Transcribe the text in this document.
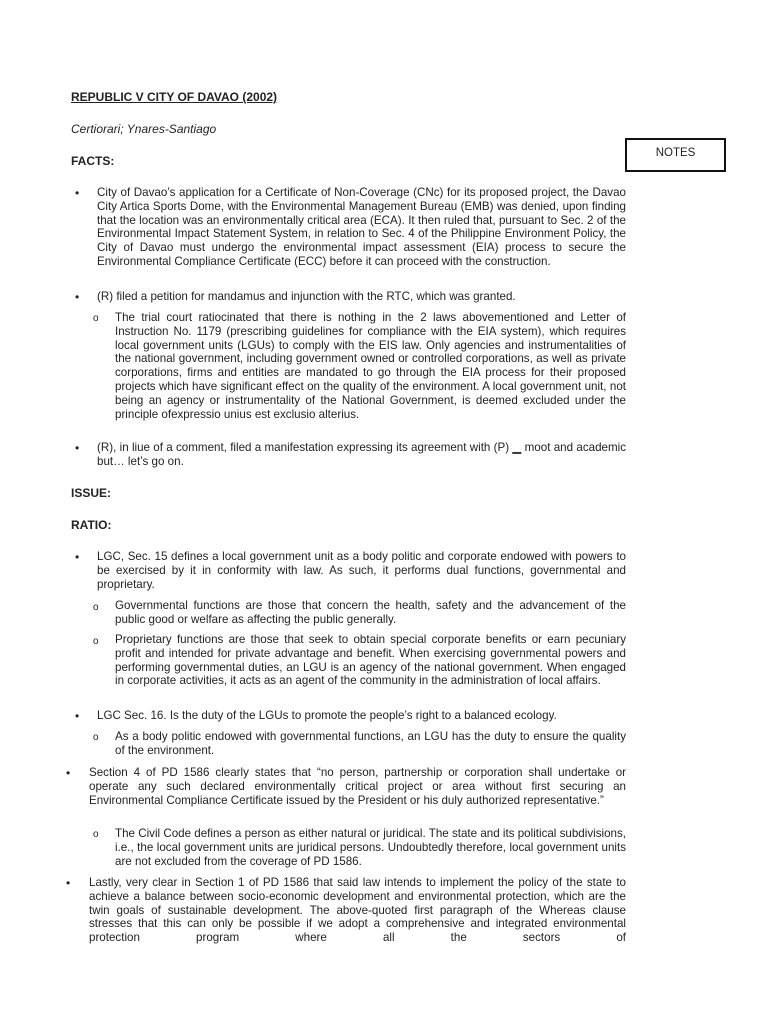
REPUBLIC V CITY OF DAVAO (2002)
Certiorari; Ynares-Santiago
NOTES
FACTS:
• City of Davao’s application for a Certificate of Non-Coverage (CNc) for its proposed project, the Davao City Artica Sports Dome, with the Environmental Management Bureau (EMB) was denied, upon finding that the location was an environmentally critical area (ECA). It then ruled that, pursuant to Sec. 2 of the Environmental Impact Statement System, in relation to Sec. 4 of the Philippine Environment Policy, the City of Davao must undergo the environmental impact assessment (EIA) process to secure the Environmental Compliance Certificate (ECC) before it can proceed with the construction.
• (R) filed a petition for mandamus and injunction with the RTC, which was granted.
o The trial court ratiocinated that there is nothing in the 2 laws abovementioned and Letter of Instruction No. 1179 (prescribing guidelines for compliance with the EIA system), which requires local government units (LGUs) to comply with the EIS law. Only agencies and instrumentalities of the national government, including government owned or controlled corporations, as well as private corporations, firms and entities are mandated to go through the EIA process for their proposed projects which have significant effect on the quality of the environment. A local government unit, not being an agency or instrumentality of the National Government, is deemed excluded under the principle ofexpressio unius est exclusio alterius.
• (R), in liue of a comment, filed a manifestation expressing its agreement with (P) ▁ moot and academic but… let’s go on.
ISSUE:
RATIO:
• LGC, Sec. 15 defines a local government unit as a body politic and corporate endowed with powers to be exercised by it in conformity with law. As such, it performs dual functions, governmental and proprietary.
o Governmental functions are those that concern the health, safety and the advancement of the public good or welfare as affecting the public generally.
o Proprietary functions are those that seek to obtain special corporate benefits or earn pecuniary profit and intended for private advantage and benefit. When exercising governmental powers and performing governmental duties, an LGU is an agency of the national government. When engaged in corporate activities, it acts as an agent of the community in the administration of local affairs.
• LGC Sec. 16. Is the duty of the LGUs to promote the people’s right to a balanced ecology.
o As a body politic endowed with governmental functions, an LGU has the duty to ensure the quality of the environment.
• Section 4 of PD 1586 clearly states that “no person, partnership or corporation shall undertake or operate any such declared environmentally critical project or area without first securing an Environmental Compliance Certificate issued by the President or his duly authorized representative.”
o The Civil Code defines a person as either natural or juridical. The state and its political subdivisions, i.e., the local government units are juridical persons. Undoubtedly therefore, local government units are not excluded from the coverage of PD 1586.
• Lastly, very clear in Section 1 of PD 1586 that said law intends to implement the policy of the state to achieve a balance between socio-economic development and environmental protection, which are the twin goals of sustainable development. The above-quoted first paragraph of the Whereas clause stresses that this can only be possible if we adopt a comprehensive and integrated environmental protection program where all the sectors of
